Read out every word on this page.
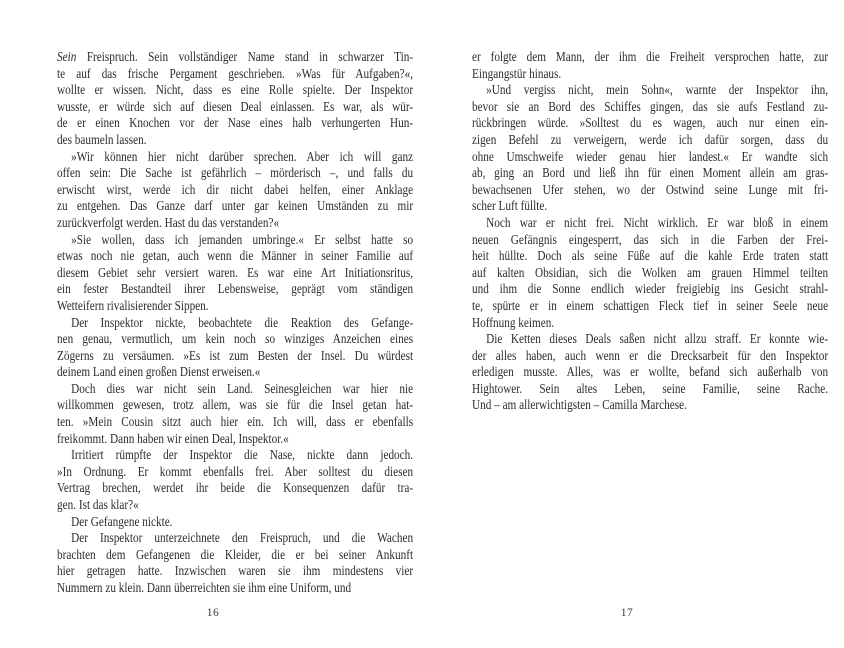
Sein Freispruch. Sein vollständiger Name stand in schwarzer Tin-
te auf das frische Pergament geschrieben. »Was für Aufgaben?«,
wollte er wissen. Nicht, dass es eine Rolle spielte. Der Inspektor
wusste, er würde sich auf diesen Deal einlassen. Es war, als wür-
de er einen Knochen vor der Nase eines halb verhungerten Hun-
des baumeln lassen.
»Wir können hier nicht darüber sprechen. Aber ich will ganz
offen sein: Die Sache ist gefährlich – mörderisch –, und falls du
erwischt wirst, werde ich dir nicht dabei helfen, einer Anklage
zu entgehen. Das Ganze darf unter gar keinen Umständen zu mir
zurückverfolgt werden. Hast du das verstanden?«
»Sie wollen, dass ich jemanden umbringe.« Er selbst hatte so
etwas noch nie getan, auch wenn die Männer in seiner Familie auf
diesem Gebiet sehr versiert waren. Es war eine Art Initiationsritus,
ein fester Bestandteil ihrer Lebensweise, geprägt vom ständigen
Wetteifern rivalisierender Sippen.
Der Inspektor nickte, beobachtete die Reaktion des Gefange-
nen genau, vermutlich, um kein noch so winziges Anzeichen eines
Zögerns zu versäumen. »Es ist zum Besten der Insel. Du würdest
deinem Land einen großen Dienst erweisen.«
Doch dies war nicht sein Land. Seinesgleichen war hier nie
willkommen gewesen, trotz allem, was sie für die Insel getan hat-
ten. »Mein Cousin sitzt auch hier ein. Ich will, dass er ebenfalls
freikommt. Dann haben wir einen Deal, Inspektor.«
Irritiert rümpfte der Inspektor die Nase, nickte dann jedoch.
»In Ordnung. Er kommt ebenfalls frei. Aber solltest du diesen
Vertrag brechen, werdet ihr beide die Konsequenzen dafür tra-
gen. Ist das klar?«
Der Gefangene nickte.
Der Inspektor unterzeichnete den Freispruch, und die Wachen
brachten dem Gefangenen die Kleider, die er bei seiner Ankunft
hier getragen hatte. Inzwischen waren sie ihm mindestens vier
Nummern zu klein. Dann überreichten sie ihm eine Uniform, und
er folgte dem Mann, der ihm die Freiheit versprochen hatte, zur
Eingangstür hinaus.
»Und vergiss nicht, mein Sohn«, warnte der Inspektor ihn,
bevor sie an Bord des Schiffes gingen, das sie aufs Festland zu-
rückbringen würde. »Solltest du es wagen, auch nur einen ein-
zigen Befehl zu verweigern, werde ich dafür sorgen, dass du
ohne Umschweife wieder genau hier landest.« Er wandte sich
ab, ging an Bord und ließ ihn für einen Moment allein am gras-
bewachsenen Ufer stehen, wo der Ostwind seine Lunge mit fri-
scher Luft füllte.
Noch war er nicht frei. Nicht wirklich. Er war bloß in einem
neuen Gefängnis eingesperrt, das sich in die Farben der Frei-
heit hüllte. Doch als seine Füße auf die kahle Erde traten statt
auf kalten Obsidian, sich die Wolken am grauen Himmel teilten
und ihm die Sonne endlich wieder freigiebig ins Gesicht strahl-
te, spürte er in einem schattigen Fleck tief in seiner Seele neue
Hoffnung keimen.
Die Ketten dieses Deals saßen nicht allzu straff. Er konnte wie-
der alles haben, auch wenn er die Drecksarbeit für den Inspektor
erledigen musste. Alles, was er wollte, befand sich außerhalb von
Hightower. Sein altes Leben, seine Familie, seine Rache.
Und – am allerwichtigsten – Camilla Marchese.
16	17
